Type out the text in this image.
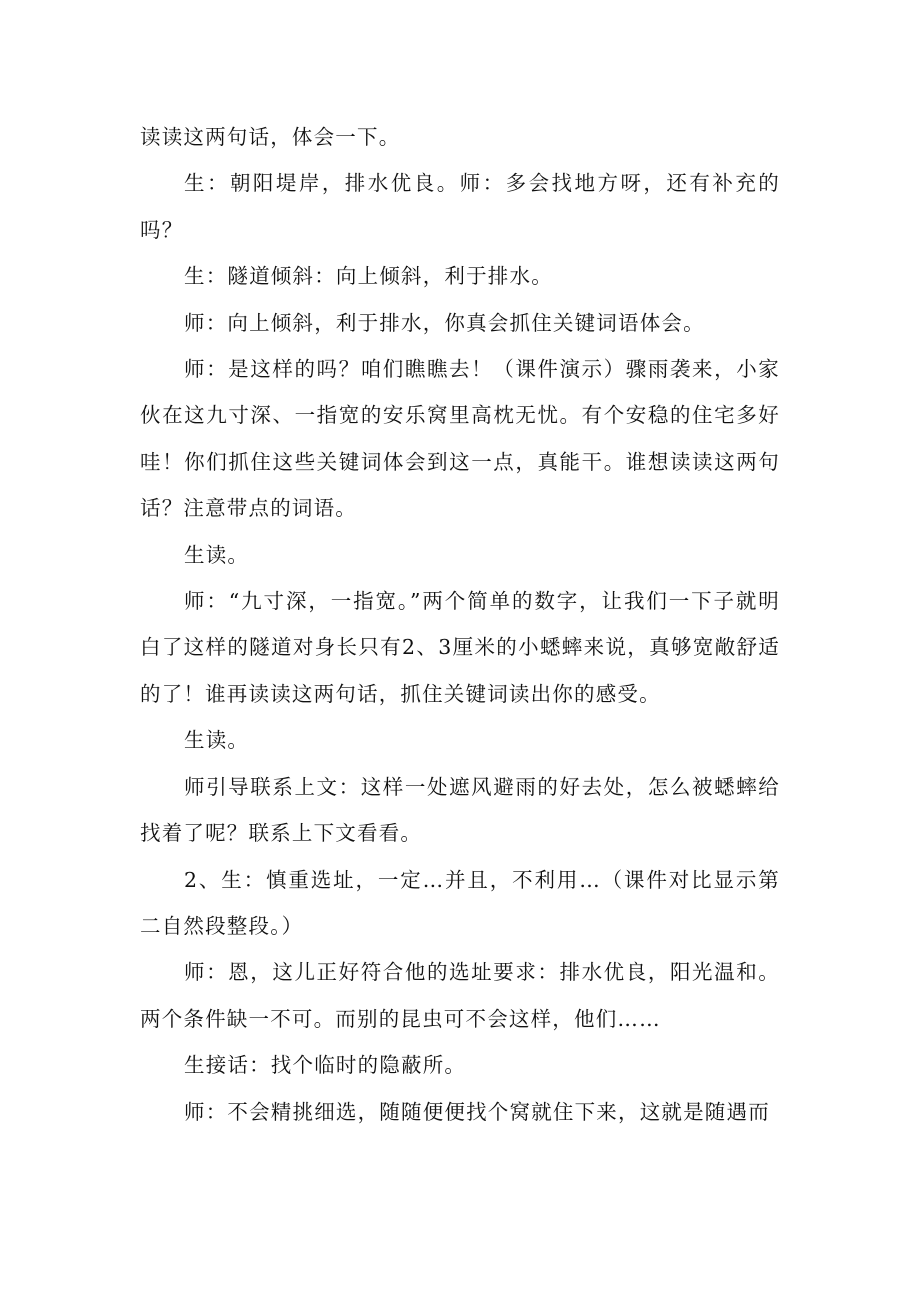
读读这两句话，体会一下。

生：朝阳堤岸，排水优良。师：多会找地方呀，还有补充的吗？

生：隧道倾斜：向上倾斜，利于排水。

师：向上倾斜，利于排水，你真会抓住关键词语体会。

师：是这样的吗？咱们瞧瞧去！（课件演示）骤雨袭来，小家伙在这九寸深、一指宽的安乐窝里高枕无忧。有个安稳的住宅多好哇！你们抓住这些关键词体会到这一点，真能干。谁想读读这两句话？注意带点的词语。

生读。

师：“九寸深，一指宽。”两个简单的数字，让我们一下子就明白了这样的隧道对身长只有2、3厘米的小蟋蟀来说，真够宽敞舒适的了！谁再读读这两句话，抓住关键词读出你的感受。

生读。

师引导联系上文：这样一处遮风避雨的好去处，怎么被蟋蟀给找着了呢？联系上下文看看。

2、生：慎重选址，一定…并且，不利用…（课件对比显示第二自然段整段。）

师：恩，这儿正好符合他的选址要求：排水优良，阳光温和。两个条件缺一不可。而别的昆虫可不会这样，他们……

生接话：找个临时的隐蔽所。

师：不会精挑细选，随随便便找个窝就住下来，这就是随遇而
